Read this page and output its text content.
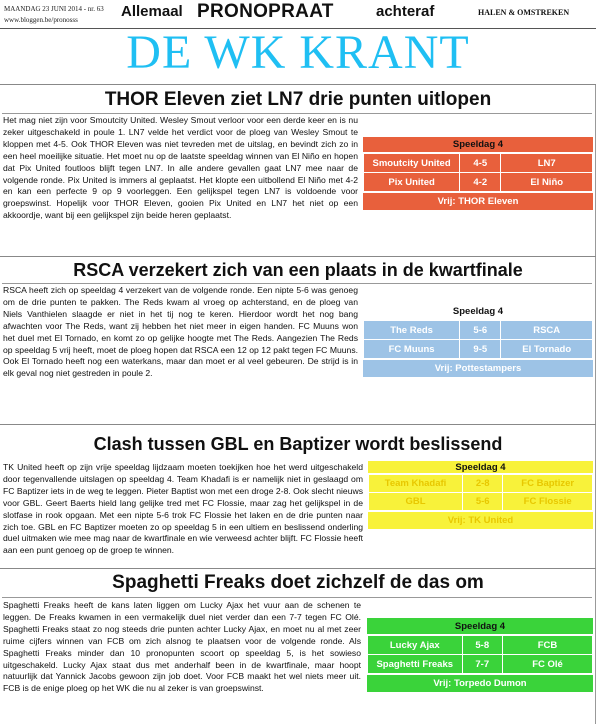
MAANDAG 23 JUNI 2014 - nr. 63
www.bloggen.be/pronosss	Allemaal PRONOPRAAT	achteraf	HALEN & OMSTREKEN
DE WK KRANT
THOR Eleven ziet LN7 drie punten uitlopen
Het mag niet zijn voor Smoutcity United. Wesley Smout verloor voor een derde keer en is nu zeker uitgeschakeld in poule 1. LN7 velde het verdict voor de ploeg van Wesley Smout te kloppen met 4-5. Ook THOR Eleven was niet tevreden met de uitslag, en bevindt zich zo in een heel moeilijke situatie. Het moet nu op de laatste speeldag winnen van El Niño en hopen dat Pix United foutloos blijft tegen LN7. In alle andere gevallen gaat LN7 mee naar de volgende ronde. Pix United is immers al geplaatst. Het klopte een uitbollend El Niño met 4-2 en kan een perfecte 9 op 9 voorleggen. Een gelijkspel tegen LN7 is voldoende voor groepswinst. Hopelijk voor THOR Eleven, gooien Pix United en LN7 het niet op een akkoordje, want bij een gelijkspel zijn beide heren geplaatst.
Speeldag 4
Smoutcity United	4-5	LN7
Pix United	4-2	El Niño
Vrij: THOR Eleven
RSCA verzekert zich van een plaats in de kwartfinale
RSCA heeft zich op speeldag 4 verzekert van de volgende ronde. Een nipte 5-6 was genoeg om de drie punten te pakken. The Reds kwam al vroeg op achterstand, en de ploeg van Niels Vanthielen slaagde er niet in het tij nog te keren. Hierdoor wordt het nog bang afwachten voor The Reds, want zij hebben het niet meer in eigen handen. FC Muuns won het duel met El Tornado, en komt zo op gelijke hoogte met The Reds. Aangezien The Reds op speeldag 5 vrij heeft, moet de ploeg hopen dat RSCA een 12 op 12 pakt tegen FC Muuns. Ook El Tornado heeft nog een waterkans, maar dan moet er al veel gebeuren. De strijd is in elk geval nog niet gestreden in poule 2.
Speeldag 4
The Reds	5-6	RSCA
FC Muuns	9-5	El Tornado
Vrij: Pottestampers
Clash tussen GBL en Baptizer wordt beslissend
TK United heeft op zijn vrije speeldag lijdzaam moeten toekijken hoe het werd uitgeschakeld door tegenvallende uitslagen op speeldag 4. Team Khadafi is er namelijk niet in geslaagd om FC Baptizer iets in de weg te leggen. Pieter Baptist won met een droge 2-8. Ook slecht nieuws voor GBL. Geert Baerts hield lang gelijke tred met FC Flossie, maar zag het gelijkspel in de slotfase in rook opgaan. Met een nipte 5-6 trok FC Flossie het laken en de drie punten naar zich toe. GBL en FC Baptizer moeten zo op speeldag 5 in een ultiem en beslissend onderling duel uitmaken wie mee mag naar de kwartfinale en wie verweesd achter blijft. FC Flossie heeft aan een punt genoeg op de groep te winnen.
Speeldag 4
Team Khadafi	2-8	FC Baptizer
GBL	5-6	FC Flossie
Vrij: TK United
Spaghetti Freaks doet zichzelf de das om
Spaghetti Freaks heeft de kans laten liggen om Lucky Ajax het vuur aan de schenen te leggen. De Freaks kwamen in een vermakelijk duel niet verder dan een 7-7 tegen FC Olé. Spaghetti Freaks staat zo nog steeds drie punten achter Lucky Ajax, en moet nu al met zeer ruime cijfers winnen van FCB om zich alsnog te plaatsen voor de volgende ronde. Als Spaghetti Freaks minder dan 10 pronopunten scoort op speeldag 5, is het sowieso uitgeschakeld. Lucky Ajax staat dus met anderhalf been in de kwartfinale, maar hoopt natuurlijk dat Yannick Jacobs gewoon zijn job doet. Voor FCB maakt het wel niets meer uit. FCB is de enige ploeg op het WK die nu al zeker is van groepswinst.
Speeldag 4
Lucky Ajax	5-8	FCB
Spaghetti Freaks	7-7	FC Olé
Vrij: Torpedo Dumon
